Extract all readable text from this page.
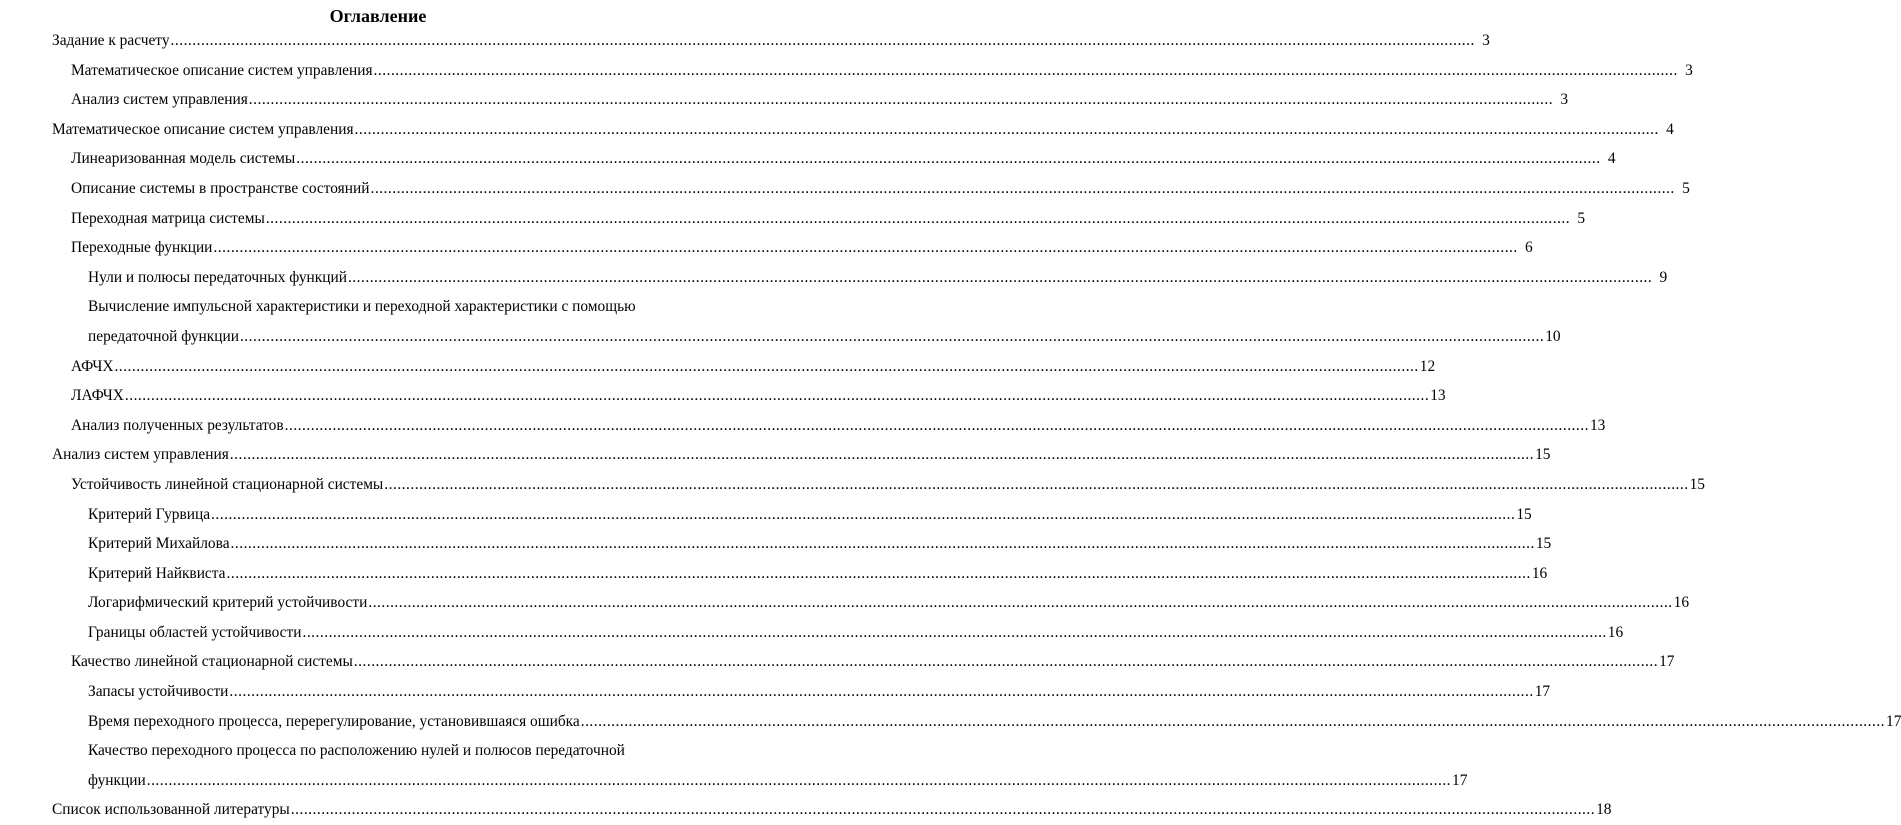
Оглавление
Задание к расчету ............................................................................................................................................................................................................................................................................................................ 3
Математическое описание систем управления ............................................................................................................................................................................................................................................................................................................ 3
Анализ систем управления ............................................................................................................................................................................................................................................................................................................ 3
Математическое описание систем управления ............................................................................................................................................................................................................................................................................................................ 4
Линеаризованная модель системы ............................................................................................................................................................................................................................................................................................................ 4
Описание системы в пространстве состояний ............................................................................................................................................................................................................................................................................................................ 5
Переходная матрица системы ............................................................................................................................................................................................................................................................................................................ 5
Переходные функции ............................................................................................................................................................................................................................................................................................................ 6
Нули и полюсы передаточных функций ............................................................................................................................................................................................................................................................................................................ 9
Вычисление импульсной характеристики и переходной характеристики с помощью
передаточной функции ............................................................................................................................................................................................................................................................................................................ 10
АФЧХ ............................................................................................................................................................................................................................................................................................................ 12
ЛАФЧХ ............................................................................................................................................................................................................................................................................................................ 13
Анализ полученных результатов ............................................................................................................................................................................................................................................................................................................ 13
Анализ систем управления ............................................................................................................................................................................................................................................................................................................ 15
Устойчивость линейной стационарной системы ............................................................................................................................................................................................................................................................................................................ 15
Критерий Гурвица ............................................................................................................................................................................................................................................................................................................ 15
Критерий Михайлова ............................................................................................................................................................................................................................................................................................................ 15
Критерий Найквиста ............................................................................................................................................................................................................................................................................................................ 16
Логарифмический критерий устойчивости ............................................................................................................................................................................................................................................................................................................ 16
Границы областей устойчивости ............................................................................................................................................................................................................................................................................................................ 16
Качество линейной стационарной системы ............................................................................................................................................................................................................................................................................................................ 17
Запасы устойчивости ............................................................................................................................................................................................................................................................................................................ 17
Время переходного процесса, перерегулирование, установившаяся ошибка ............................................................................................................................................................................................................................................................................................................ 17
Качество переходного процесса по расположению нулей и полюсов передаточной
функции ............................................................................................................................................................................................................................................................................................................ 17
Список использованной литературы ............................................................................................................................................................................................................................................................................................................ 18
